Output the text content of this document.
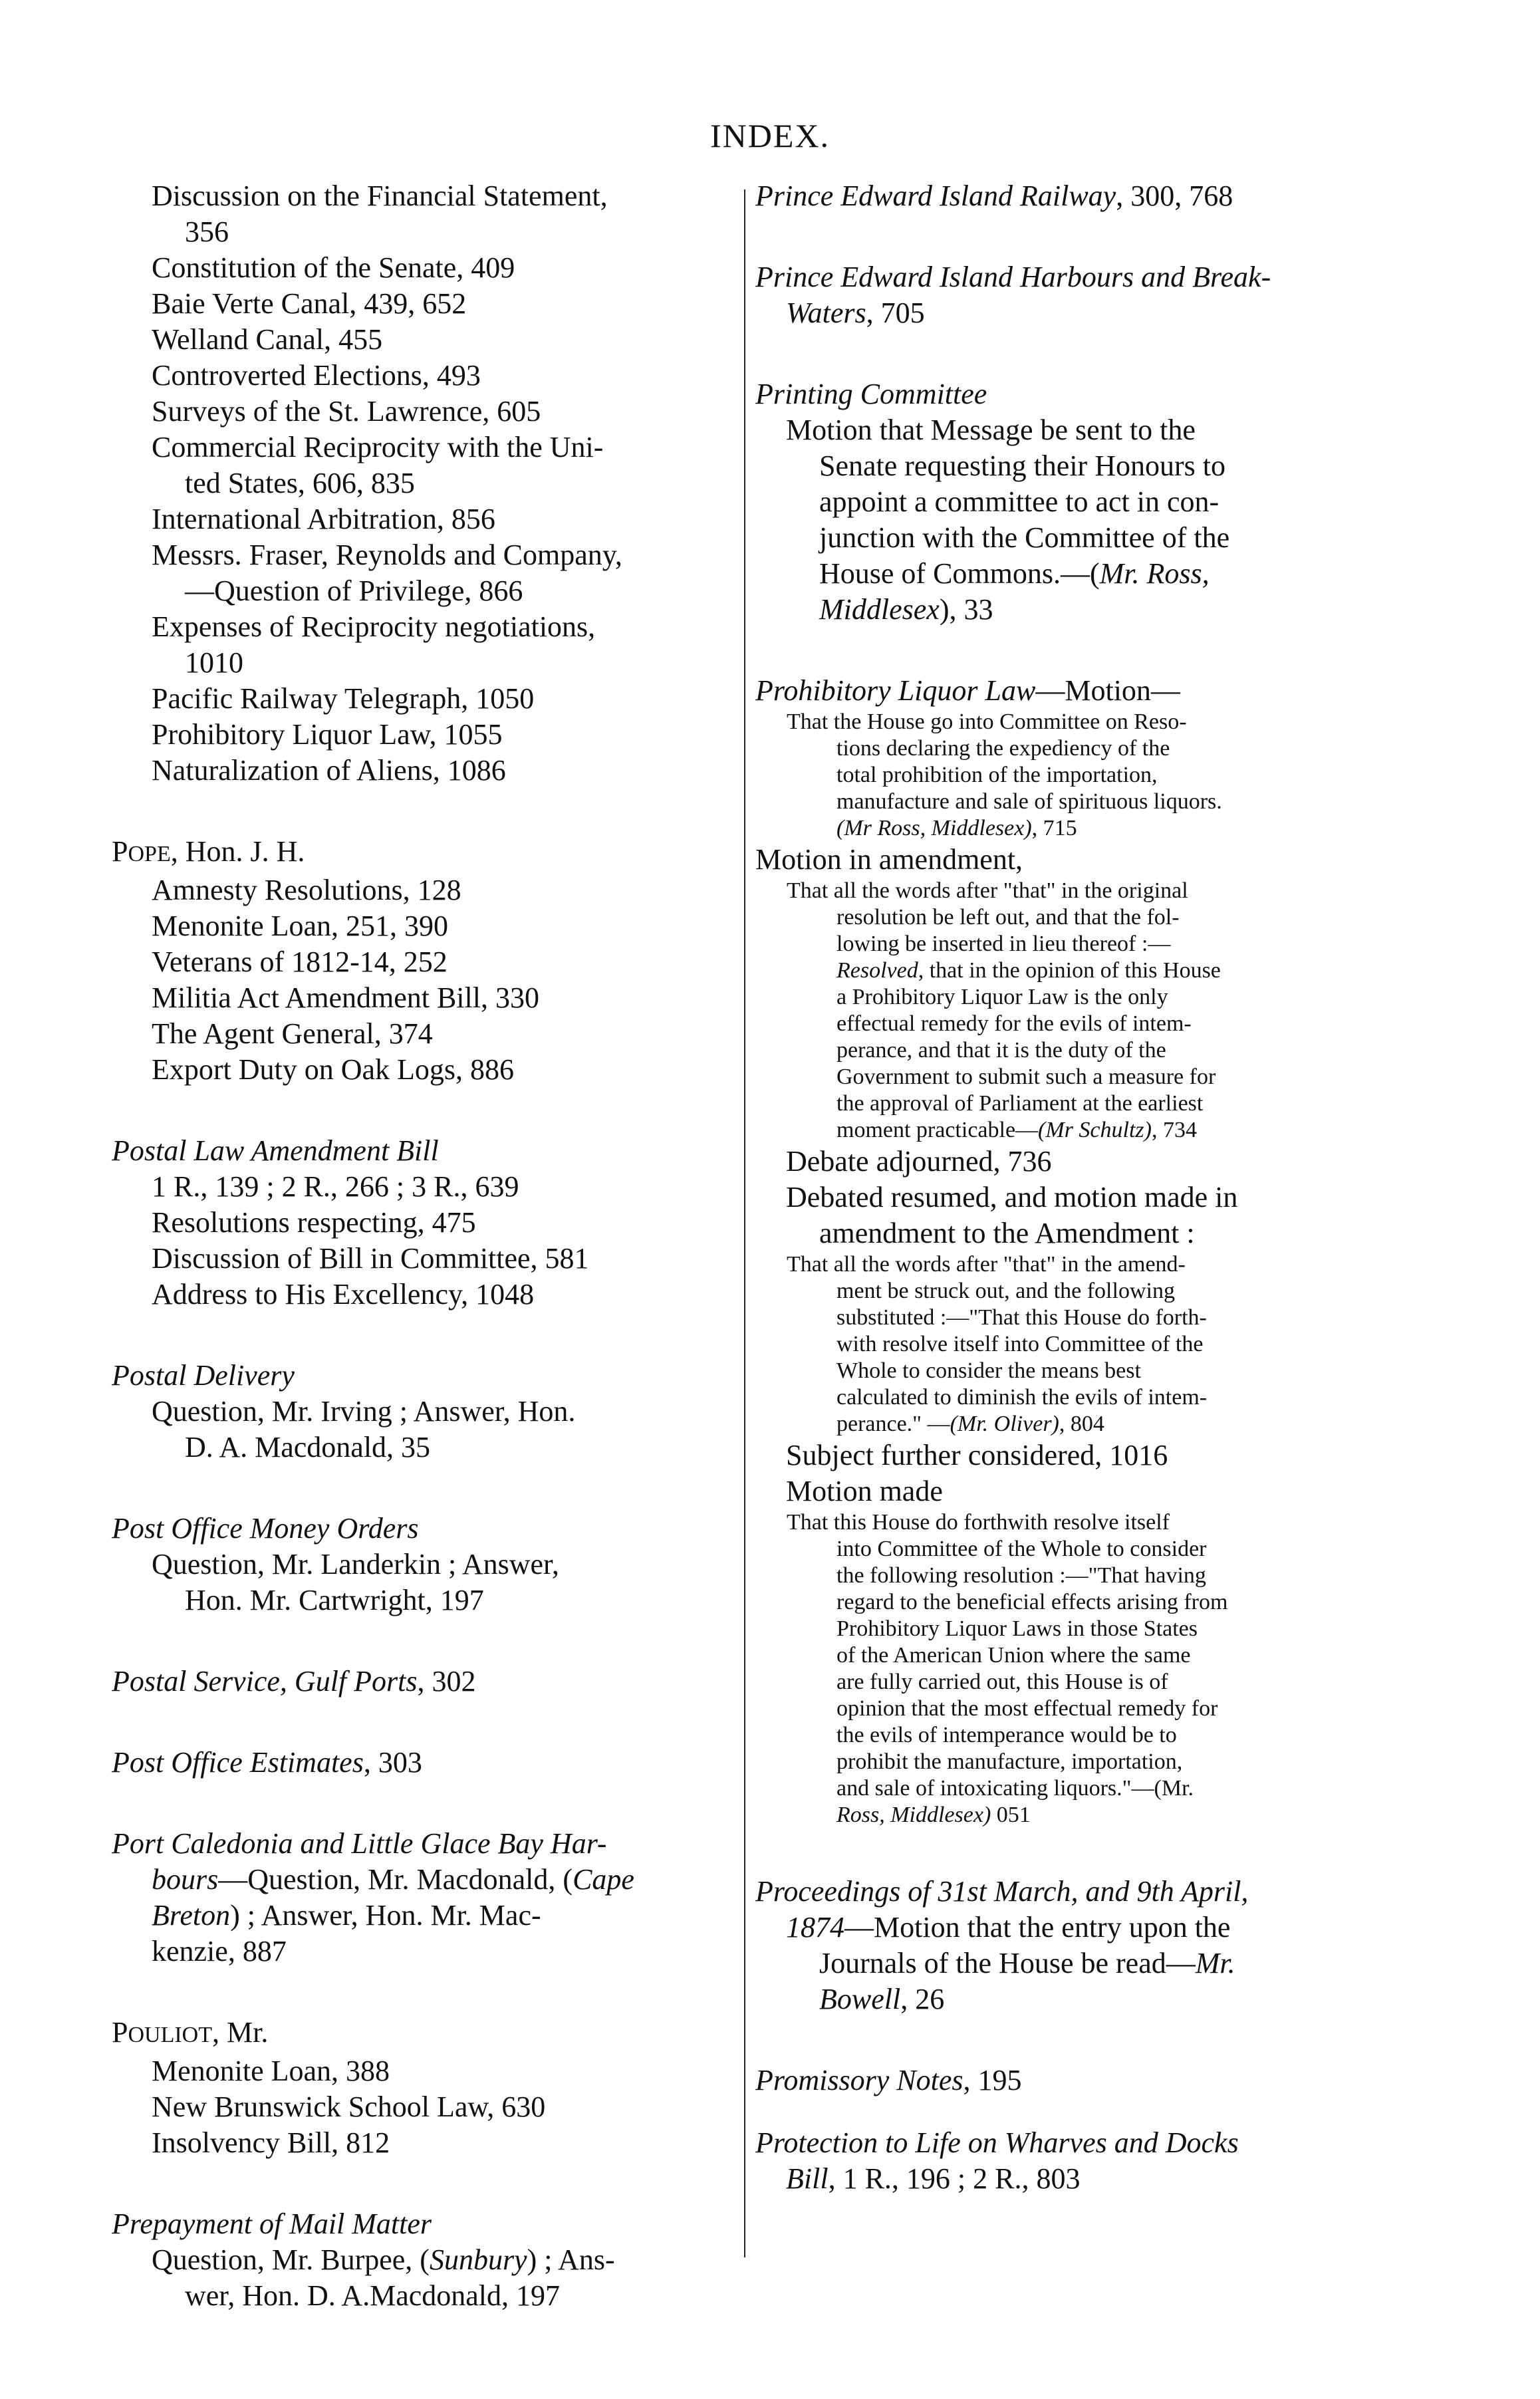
INDEX.
Discussion on the Financial Statement,
356
Constitution of the Senate, 409
Baie Verte Canal, 439, 652
Welland Canal, 455
Controverted Elections, 493
Surveys of the St. Lawrence, 605
Commercial Reciprocity with the Uni-
ted States, 606, 835
International Arbitration, 856
Messrs. Fraser, Reynolds and Company,
—Question of Privilege, 866
Expenses of Reciprocity negotiations,
1010
Pacific Railway Telegraph, 1050
Prohibitory Liquor Law, 1055
Naturalization of Aliens, 1086
POPE, Hon. J. H.
Amnesty Resolutions, 128
Menonite Loan, 251, 390
Veterans of 1812-14, 252
Militia Act Amendment Bill, 330
The Agent General, 374
Export Duty on Oak Logs, 886
Postal Law Amendment Bill
1 R., 139 ; 2 R., 266 ; 3 R., 639
Resolutions respecting, 475
Discussion of Bill in Committee, 581
Address to His Excellency, 1048
Postal Delivery
Question, Mr. Irving ; Answer, Hon.
D. A. Macdonald, 35
Post Office Money Orders
Question, Mr. Landerkin ; Answer,
Hon. Mr. Cartwright, 197
Postal Service, Gulf Ports, 302
Post Office Estimates, 303
Port Caledonia and Little Glace Bay Har-
bours—Question, Mr. Macdonald, (Cape
Breton) ; Answer, Hon. Mr. Mac-
kenzie, 887
POULIOT, Mr.
Menonite Loan, 388
New Brunswick School Law, 630
Insolvency Bill, 812
Prepayment of Mail Matter
Question, Mr. Burpee, (Sunbury) ; Ans-
wer, Hon. D. A.Macdonald, 197
Prince Edward Island Railway, 300, 768
Prince Edward Island Harbours and Break-
Waters, 705
Printing Committee
Motion that Message be sent to the
Senate requesting their Honours to
appoint a committee to act in con-
junction with the Committee of the
House of Commons.—(Mr. Ross,
Middlesex), 33
Prohibitory Liquor Law—Motion—
That the House go into Committee on Reso-
tions declaring the expediency of the
total prohibition of the importation,
manufacture and sale of spirituous liquors.
(Mr Ross, Middlesex), 715
Motion in amendment,
That all the words after "that" in the original
resolution be left out, and that the fol-
lowing be inserted in lieu thereof :—
Resolved, that in the opinion of this House
a Prohibitory Liquor Law is the only
effectual remedy for the evils of intem-
perance, and that it is the duty of the
Government to submit such a measure for
the approval of Parliament at the earliest
moment practicable—(Mr Schultz), 734
Debate adjourned, 736
Debated resumed, and motion made in
amendment to the Amendment :
That all the words after "that" in the amend-
ment be struck out, and the following
substituted :—"That this House do forth-
with resolve itself into Committee of the
Whole to consider the means best
calculated to diminish the evils of intem-
perance." —(Mr. Oliver), 804
Subject further considered, 1016
Motion made
That this House do forthwith resolve itself
into Committee of the Whole to consider
the following resolution :—"That having
regard to the beneficial effects arising from
Prohibitory Liquor Laws in those States
of the American Union where the same
are fully carried out, this House is of
opinion that the most effectual remedy for
the evils of intemperance would be to
prohibit the manufacture, importation,
and sale of intoxicating liquors."—(Mr.
Ross, Middlesex) 051
Proceedings of 31st March, and 9th April,
1874—Motion that the entry upon the
Journals of the House be read—Mr.
Bowell, 26
Promissory Notes, 195
Protection to Life on Wharves and Docks
Bill, 1 R., 196 ; 2 R., 803
